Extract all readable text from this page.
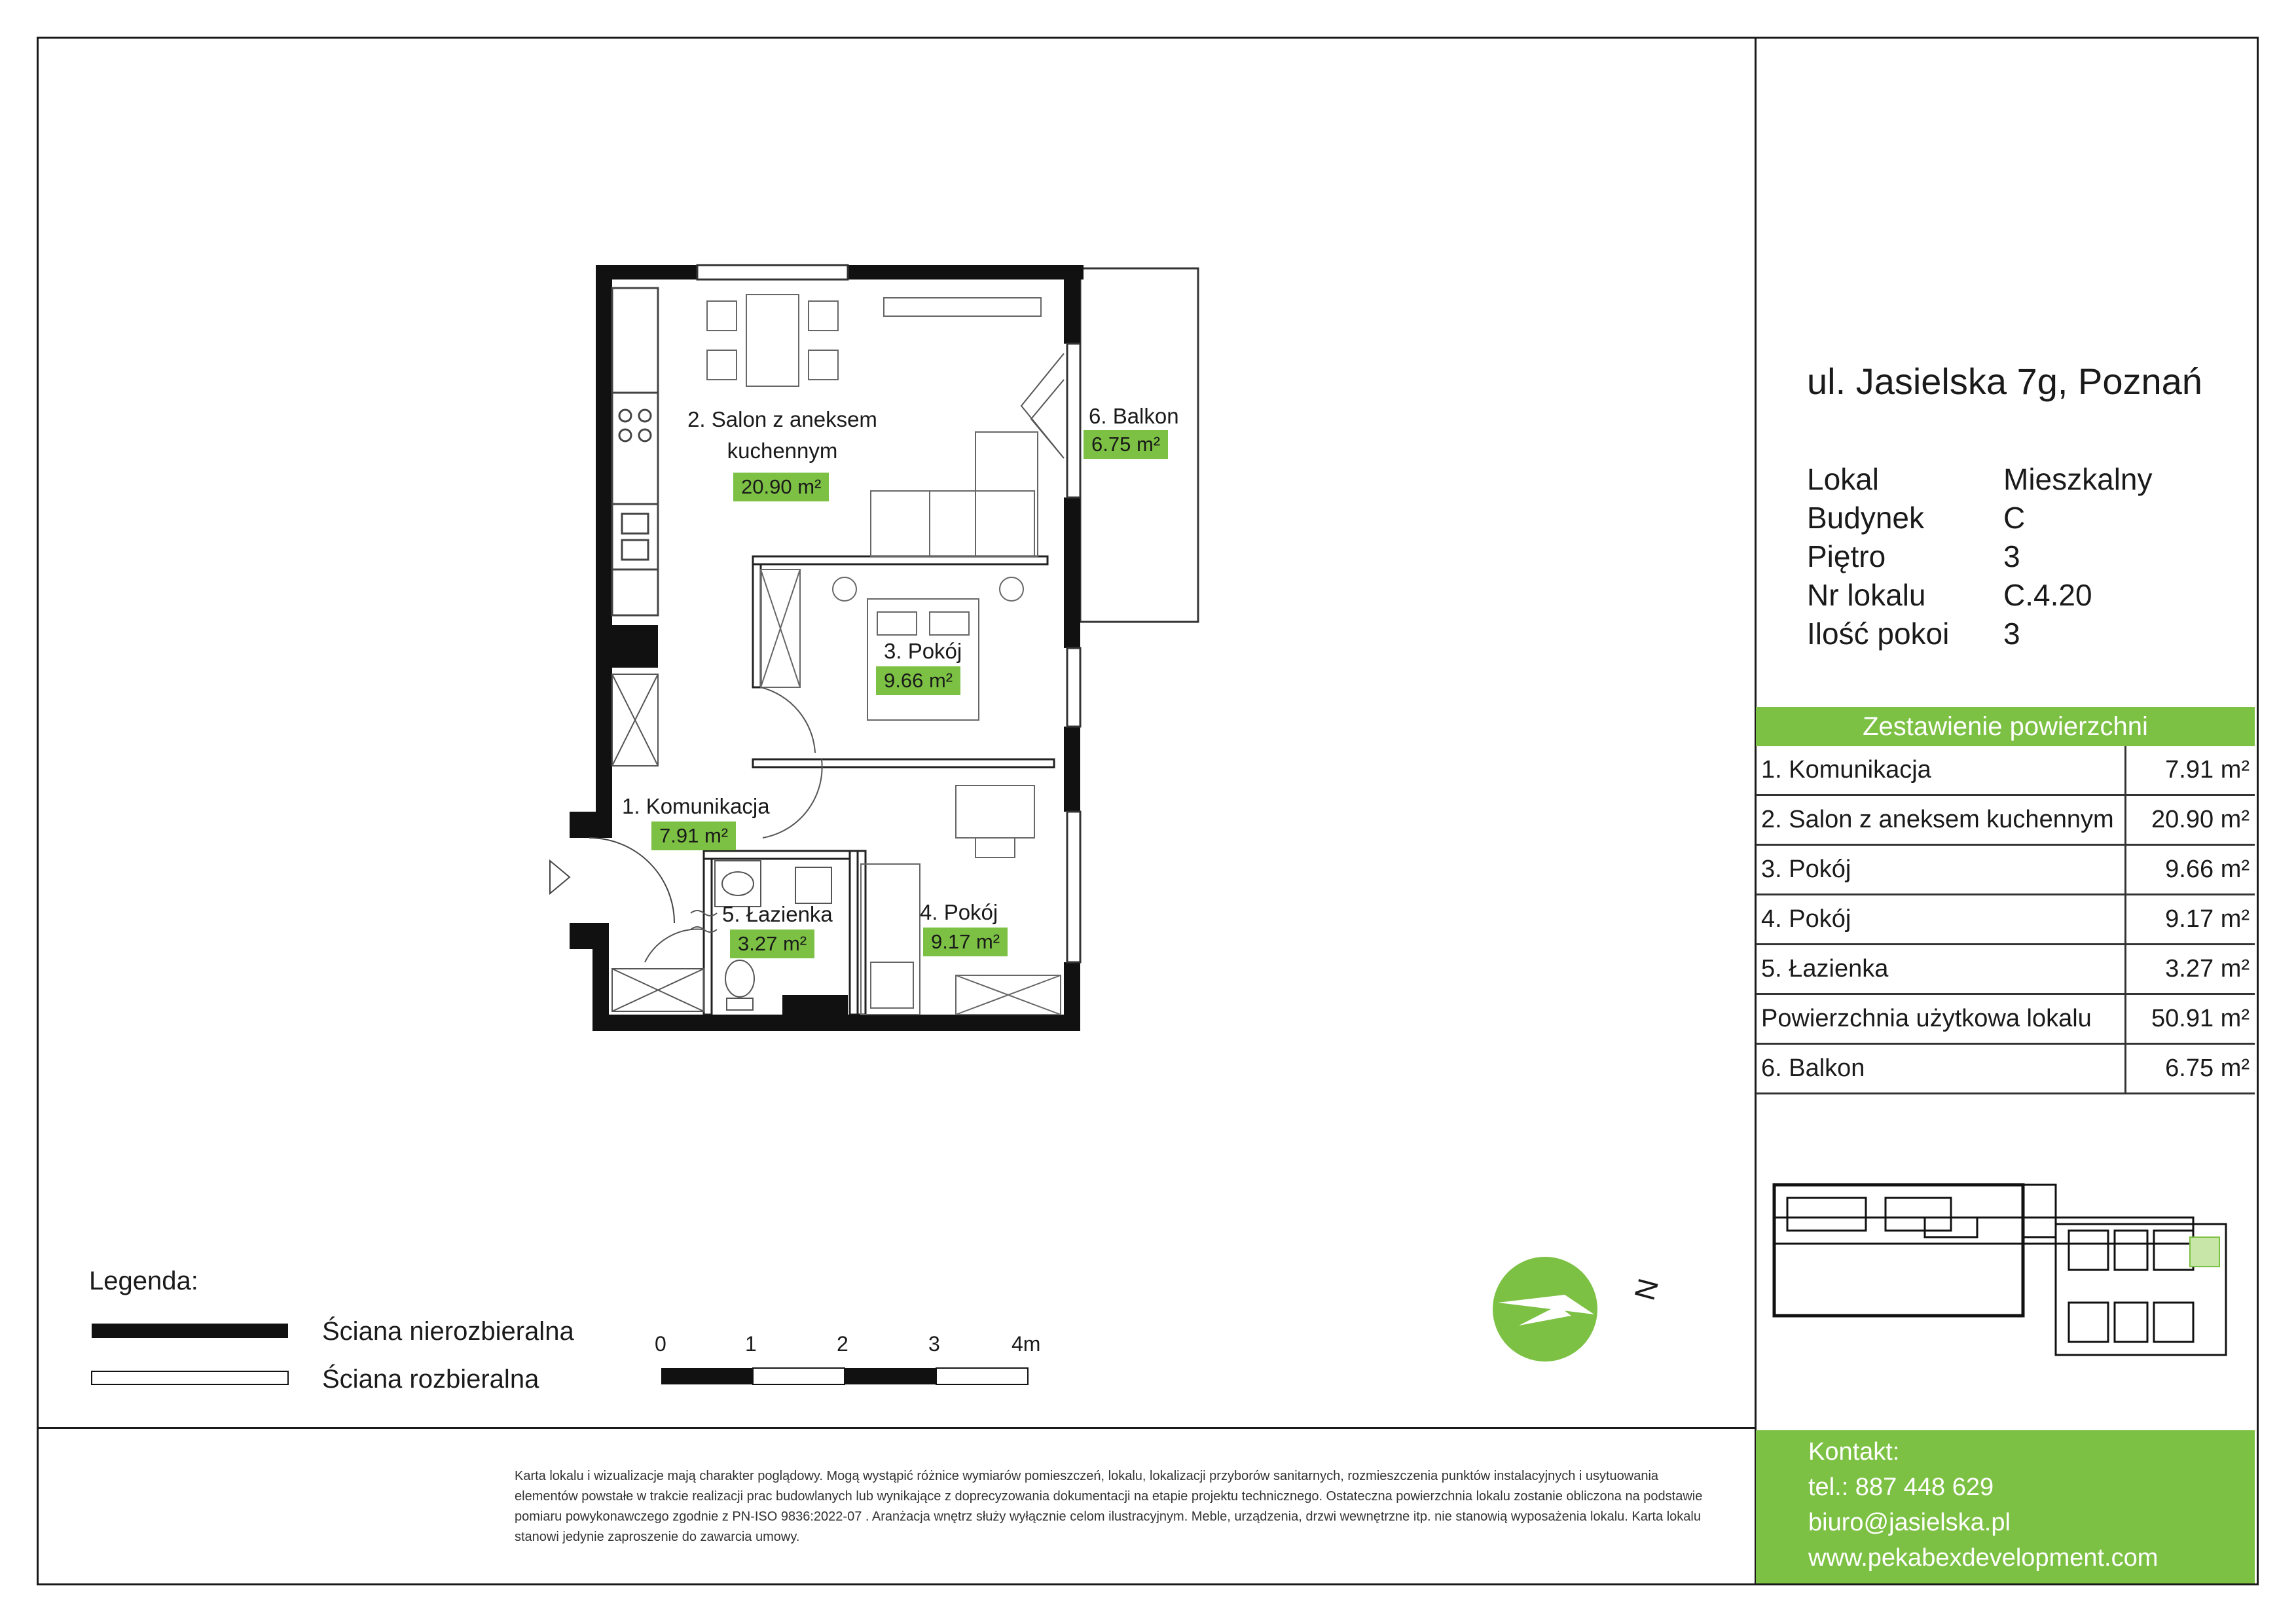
2. Salon z aneksem
kuchennym
20.90 m²
6. Balkon
6.75 m²
3. Pokój
9.66 m²
1. Komunikacja
7.91 m²
5. Łazienka
3.27 m²
4. Pokój
9.17 m²
N
Legenda:
Ściana nierozbieralna
Ściana rozbieralna
0	1	2	3	4m
ul. Jasielska 7g, Poznań
Lokal	Mieszkalny
Budynek	C
Piętro	3
Nr lokalu	C.4.20
Ilość pokoi 3
Zestawienie powierzchni	
1. Komunikacja	7.91 m²
2. Salon z aneksem kuchennym	20.90 m²
3. Pokój	9.66 m²
4. Pokój	9.17 m²
5. Łazienka	3.27 m²
Powierzchnia użytkowa lokalu	50.91 m²
6. Balkon	6.75 m²
Karta lokalu i wizualizacje mają charakter poglądowy. Mogą wystąpić różnice wymiarów pomieszczeń, lokalu, lokalizacji przyborów sanitarnych, rozmieszczenia punktów instalacyjnych i usytuowania elementów powstałe w trakcie realizacji prac budowlanych lub wynikające z doprecyzowania dokumentacji na etapie projektu technicznego. Ostateczna powierzchnia lokalu zostanie obliczona na podstawie pomiaru powykonawczego zgodnie z PN-ISO 9836:2022-07 . Aranżacja wnętrz służy wyłącznie celom ilustracyjnym. Meble, urządzenia, drzwi wewnętrzne itp. nie stanowią wyposażenia lokalu. Karta lokalu stanowi jedynie zaproszenie do zawarcia umowy.
Kontakt:
tel.: 887 448 629
biuro@jasielska.pl
www.pekabexdevelopment.com
